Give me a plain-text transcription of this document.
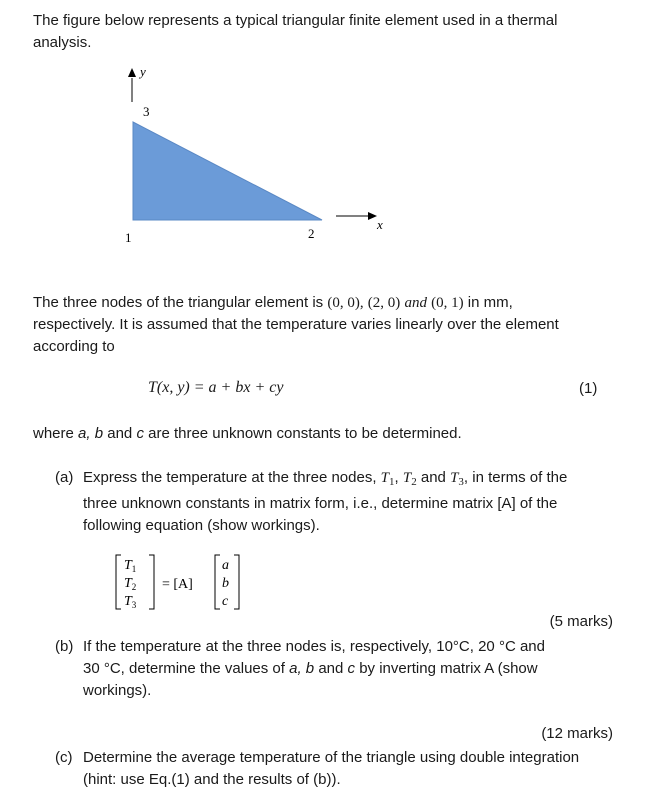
The figure below represents a typical triangular finite element used in a thermal
analysis.

y
3
1	2
x

The three nodes of the triangular element is (0, 0), (2, 0) and (0, 1) in mm,
respectively. It is assumed that the temperature varies linearly over the element
according to

T(x, y) = a + bx + cy	(1)

where a, b and c are three unknown constants to be determined.

(a) Express the temperature at the three nodes, $T_1$, $T_2$ and $T_3$, in terms of the
three unknown constants in matrix form, i.e., determine matrix [A] of the
following equation (show workings).
$T_1$
$T_2$
$T_3$
= [A]
a
b
c
(5 marks)
(b) If the temperature at the three nodes is, respectively, 10°C, 20 °C and
30 °C, determine the values of a, b and c by inverting matrix A (show
workings).
(12 marks)
(c) Determine the average temperature of the triangle using double integration
(hint: use Eq.(1) and the results of (b)).
